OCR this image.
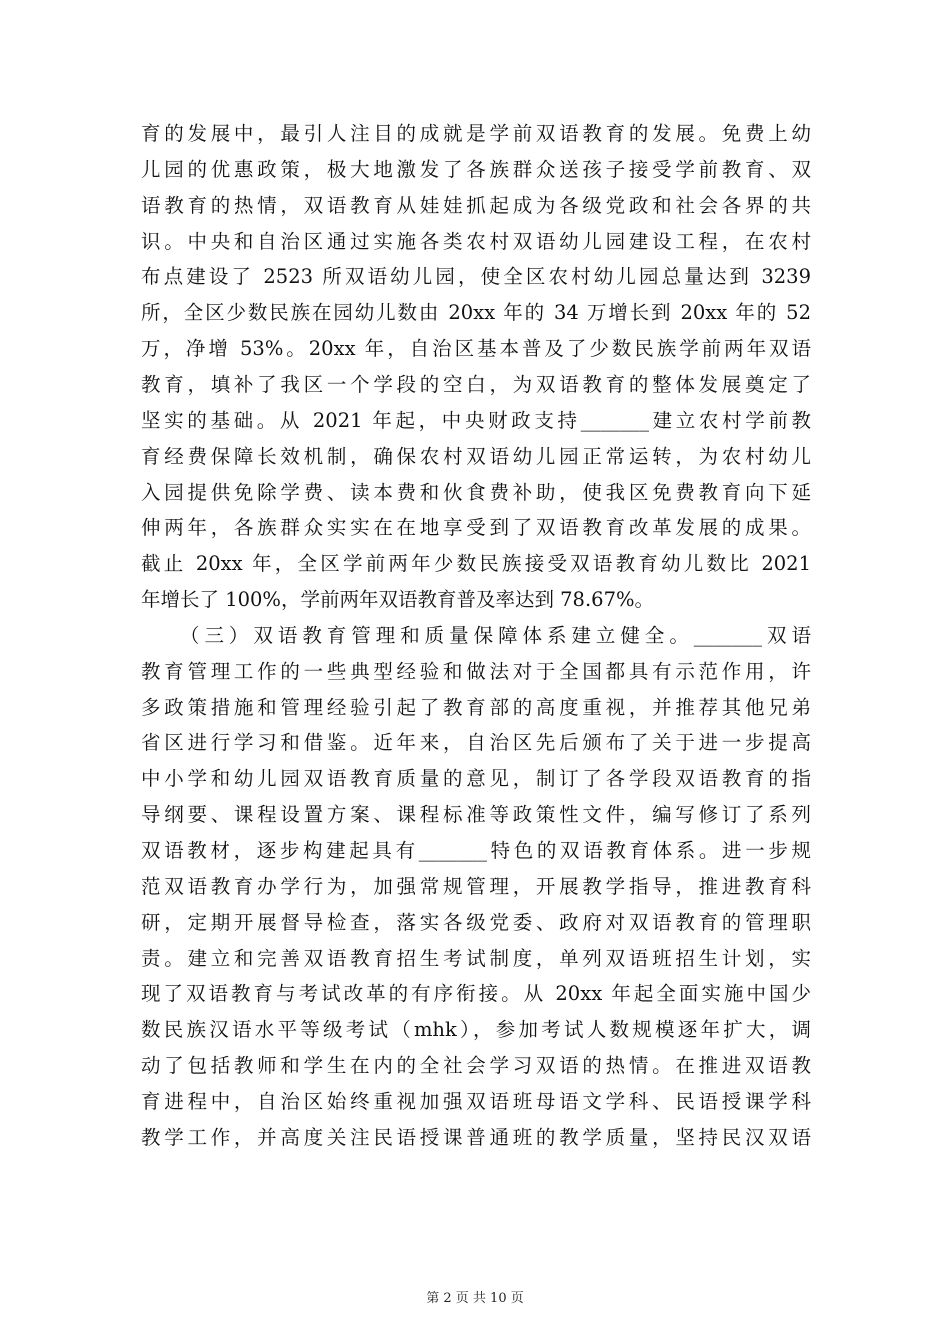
育的发展中，最引人注目的成就是学前双语教育的发展。免费上幼
儿园的优惠政策，极大地激发了各族群众送孩子接受学前教育、双
语教育的热情，双语教育从娃娃抓起成为各级党政和社会各界的共
识。中央和自治区通过实施各类农村双语幼儿园建设工程，在农村
布点建设了 2523 所双语幼儿园，使全区农村幼儿园总量达到 3239
所，全区少数民族在园幼儿数由 20xx 年的 34 万增长到 20xx 年的 52
万，净增 53%。20xx 年，自治区基本普及了少数民族学前两年双语
教育，填补了我区一个学段的空白，为双语教育的整体发展奠定了
坚实的基础。从 2021 年起，中央财政支持_______建立农村学前教
育经费保障长效机制，确保农村双语幼儿园正常运转，为农村幼儿
入园提供免除学费、读本费和伙食费补助，使我区免费教育向下延
伸两年，各族群众实实在在地享受到了双语教育改革发展的成果。
截止 20xx 年，全区学前两年少数民族接受双语教育幼儿数比 2021
年增长了 100%，学前两年双语教育普及率达到 78.67%。
（三）双语教育管理和质量保障体系建立健全。_______双语
教育管理工作的一些典型经验和做法对于全国都具有示范作用，许
多政策措施和管理经验引起了教育部的高度重视，并推荐其他兄弟
省区进行学习和借鉴。近年来，自治区先后颁布了关于进一步提高
中小学和幼儿园双语教育质量的意见，制订了各学段双语教育的指
导纲要、课程设置方案、课程标准等政策性文件，编写修订了系列
双语教材，逐步构建起具有_______特色的双语教育体系。进一步规
范双语教育办学行为，加强常规管理，开展教学指导，推进教育科
研，定期开展督导检查，落实各级党委、政府对双语教育的管理职
责。建立和完善双语教育招生考试制度，单列双语班招生计划，实
现了双语教育与考试改革的有序衔接。从 20xx 年起全面实施中国少
数民族汉语水平等级考试（mhk），参加考试人数规模逐年扩大，调
动了包括教师和学生在内的全社会学习双语的热情。在推进双语教
育进程中，自治区始终重视加强双语班母语文学科、民语授课学科
教学工作，并高度关注民语授课普通班的教学质量，坚持民汉双语
第 2 页 共 10 页
